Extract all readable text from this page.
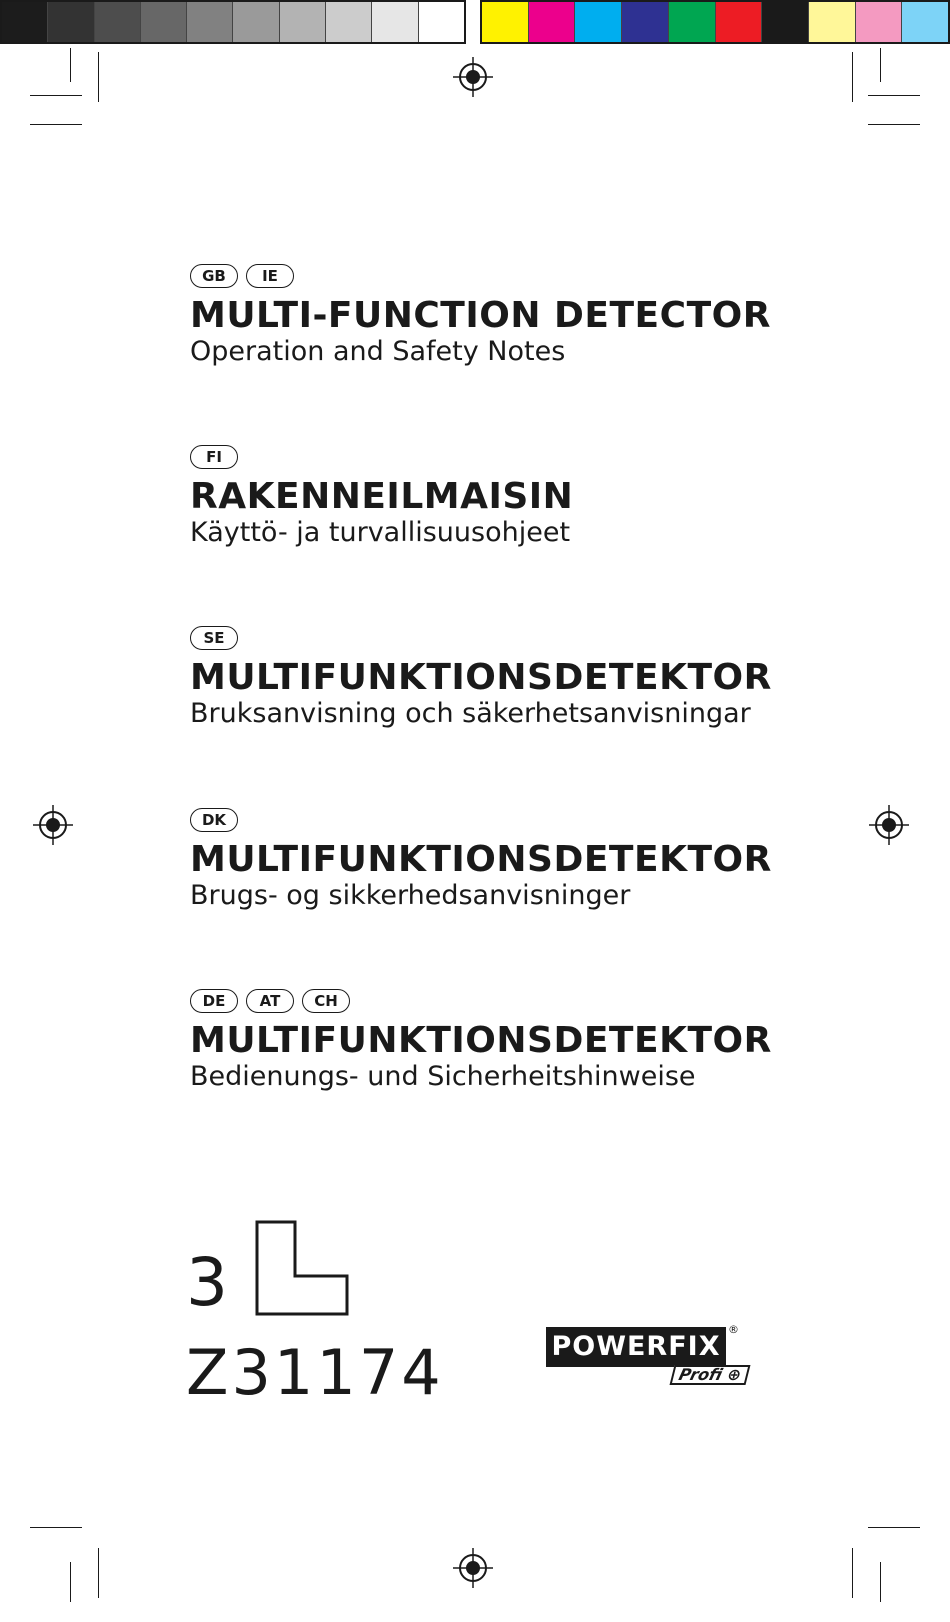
GB	IE
MULTI-FUNCTION DETECTOR
Operation and Safety Notes
FI
RAKENNEILMAISIN
Käyttö- ja turvallisuusohjeet
SE
MULTIFUNKTIONSDETEKTOR
Bruksanvisning och säkerhetsanvisningar
DK
MULTIFUNKTIONSDETEKTOR
Brugs- og sikkerhedsanvisninger
DE	AT	CH
MULTIFUNKTIONSDETEKTOR
Bedienungs- und Sicherheitshinweise
3
Z31174	POWERFIX
®
Profi ⊕
